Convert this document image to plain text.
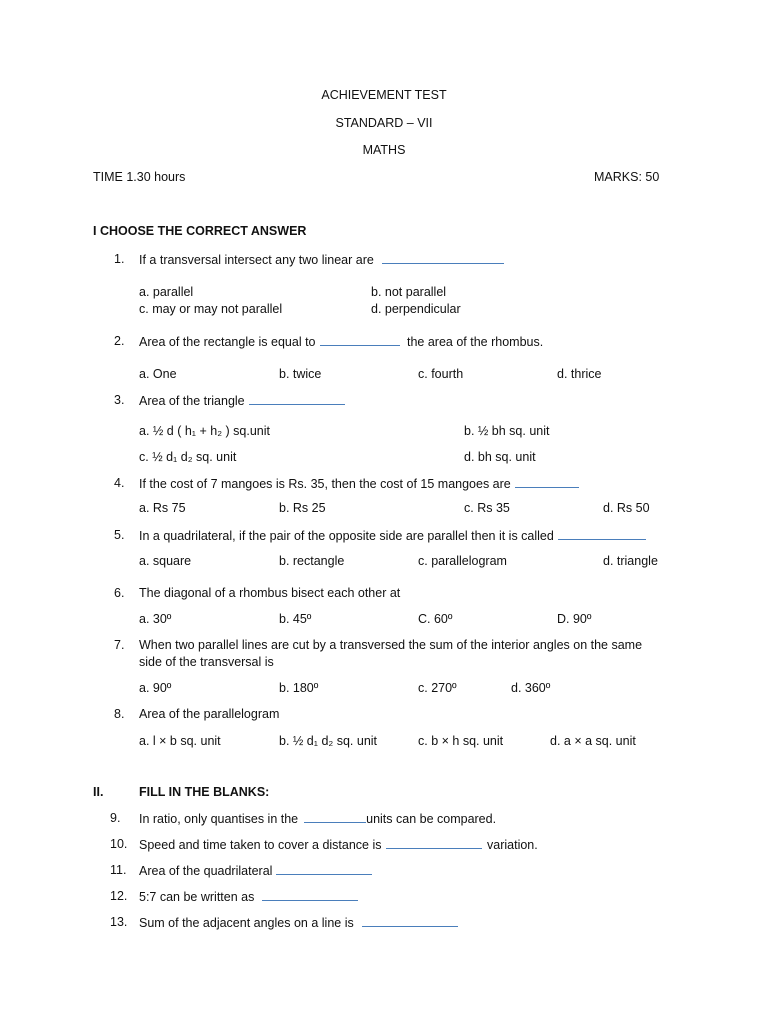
ACHIEVEMENT TEST
STANDARD – VII
MATHS
TIME 1.30 hours	MARKS: 50
I CHOOSE THE CORRECT ANSWER
1. If a transversal intersect any two linear are
a. parallel	b. not parallel
c. may or may not parallel	d. perpendicular
2. Area of the rectangle is equal to	the area of the rhombus.
a. One	b. twice	c. fourth	d. thrice
3. Area of the triangle
a. ½ d ( h₁ + h₂ ) sq.unit	b. ½ bh sq. unit
c. ½ d₁ d₂ sq. unit	d. bh sq. unit
4. If the cost of 7 mangoes is Rs. 35, then the cost of 15 mangoes are
a. Rs 75	b. Rs 25	c. Rs 35	d. Rs 50
5. In a quadrilateral, if the pair of the opposite side are parallel then it is called
a. square	b. rectangle	c. parallelogram	d. triangle
6. The diagonal of a rhombus bisect each other at
a. 30º	b. 45º	C. 60º	D. 90º
7. When two parallel lines are cut by a transversed the sum of the interior angles on the same
side of the transversal is
a. 90º	b. 180º	c. 270º	d. 360º
8. Area of the parallelogram
a. l × b sq. unit	b. ½ d₁ d₂ sq. unit	c. b × h sq. unit	d. a × a sq. unit
II.	FILL IN THE BLANKS:
9. In ratio, only quantises in the	units can be compared.
10. Speed and time taken to cover a distance is	variation.
11. Area of the quadrilateral
12. 5:7 can be written as
13. Sum of the adjacent angles on a line is
